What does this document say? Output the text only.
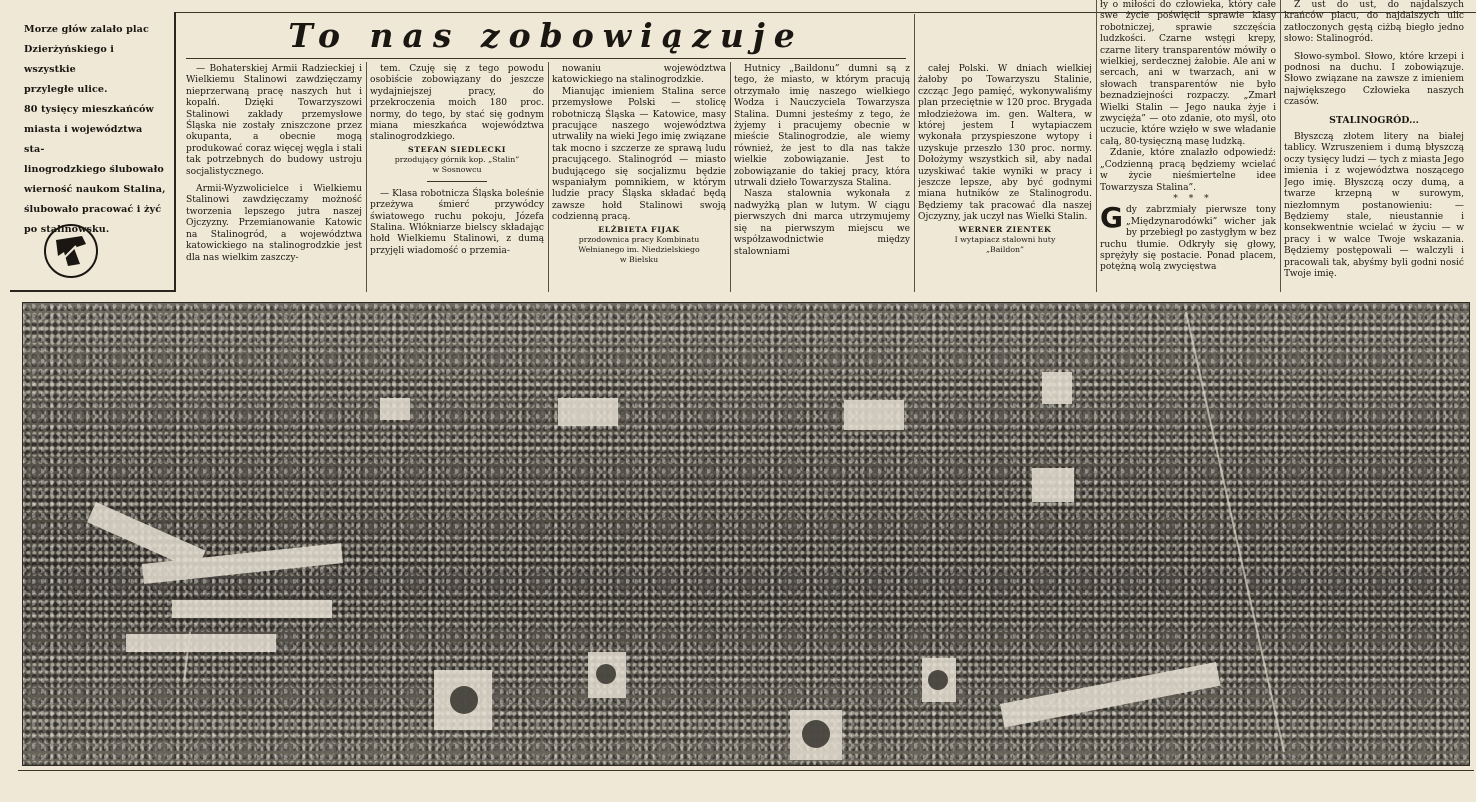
Morze głów zalało plac

Dzierżyńskiego i wszystkie

przyległe ulice.

80 tysięcy mieszkańców

miasta i województwa sta-

linogrodzkiego ślubowało

wierność naukom Stalina,

ślubowało pracować i żyć

po stalinowsku.

To nas zobowiązuje

— Bohaterskiej Armii Radzieckiej i Wielkiemu Stalinowi zawdzięczamy nieprzerwaną pracę naszych hut i kopalń. Dzięki Towarzyszowi Stalinowi zakłady przemysłowe Śląska nie zostały zniszczone przez okupanta, a obecnie mogą produkować coraz więcej węgla i stali tak potrzebnych do budowy ustroju socjalistycznego.

Armii-Wyzwolicielce i Wielkiemu Stalinowi zawdzięczamy możność tworzenia lepszego jutra naszej Ojczyzny. Przemianowanie Katowic na Stalinogród, a województwa katowickiego na stalinogrodzkie jest dla nas wielkim zaszczy-

tem. Czuję się z tego powodu osobiście zobowiązany do jeszcze wydajniejszej pracy, do przekroczenia moich 180 proc. normy, do tego, by stać się godnym miana mieszkańca województwa stalinogrodzkiego.

STEFAN SIEDLECKI

przodujący górnik kop. „Stalin”

w Sosnowcu

— Klasa robotnicza Śląska boleśnie przeżywa śmierć przywódcy światowego ruchu pokoju, Józefa Stalina. Włókniarze bielscy składając hołd Wielkiemu Stalinowi, z dumą przyjęli wiadomość o przemia-

nowaniu województwa katowickiego na stalinogrodzkie.

Mianując imieniem Stalina serce przemysłowe Polski — stolicę robotniczą Śląska — Katowice, masy pracujące naszego województwa utrwaliły na wieki Jego imię związane tak mocno i szczerze ze sprawą ludu pracującego. Stalinogród — miasto budującego się socjalizmu będzie wspaniałym pomnikiem, w którym ludzie pracy Śląska składać będą zawsze hołd Stalinowi swoją codzienną pracą.

ELŻBIETA FIJAK

przodownica pracy Kombinatu

Wełnianego im. Niedzielskiego

w Bielsku

Hutnicy „Baildonu” dumni są z tego, że miasto, w którym pracują otrzymało imię naszego wielkiego Wodza i Nauczyciela Towarzysza Stalina. Dumni jesteśmy z tego, że żyjemy i pracujemy obecnie w mieście Stalinogrodzie, ale wiemy również, że jest to dla nas także wielkie zobowiązanie. Jest to zobowiązanie do takiej pracy, która utrwali dzieło Towarzysza Stalina.

Nasza stalownia wykonała z nadwyżką plan w lutym. W ciągu pierwszych dni marca utrzymujemy się na pierwszym miejscu we współzawodnictwie między stalowniami

całej Polski. W dniach wielkiej żałoby po Towarzyszu Stalinie, czcząc Jego pamięć, wykonywaliśmy plan przeciętnie w 120 proc. Brygada młodzieżowa im. gen. Waltera, w której jestem I wytapiaczem wykonała przyspieszone wytopy i uzyskuje przeszło 130 proc. normy. Dołożymy wszystkich sił, aby nadal uzyskiwać takie wyniki w pracy i jeszcze lepsze, aby być godnymi miana hutników ze Stalinogrodu. Będziemy tak pracować dla naszej Ojczyzny, jak uczył nas Wielki Stalin.

WERNER ZIENTEK

I wytapiacz stalowni huty

„Baildon”

ły o miłości do człowieka, który całe swe życie poświęcił sprawie klasy robotniczej, sprawie szczęścia ludzkości. Czarne wstęgi krepy, czarne litery transparentów mówiły o wielkiej, serdecznej żałobie. Ale ani w sercach, ani w twarzach, ani w słowach transparentów nie było beznadziejności rozpaczy. „Zmarł Wielki Stalin — Jego nauka żyje i zwycięża” — oto zdanie, oto myśl, oto uczucie, które wzięło w swe władanie całą, 80-tysięczną masę ludzką.

Zdanie, które znalazło odpowiedź: „Codzienną pracą będziemy wcielać w życie nieśmiertelne idee Towarzysza Stalina”.

* * *

Gdy zabrzmiały pierwsze tony „Międzynarodówki” wicher jak by przebiegł po zastygłym w bez ruchu tłumie. Odkryły się głowy, sprężyły się postacie. Ponad placem, potężną wolą zwycięstwa

Z ust do ust, do najdalszych krańców placu, do najdalszych ulic zatłoczonych gęstą ciżbą biegło jedno słowo: Stalinogród.

Słowo-symbol. Słowo, które krzepi i podnosi na duchu. I zobowiązuje. Słowo związane na zawsze z imieniem największego Człowieka naszych czasów.

STALINOGRÓD...

Błyszczą złotem litery na białej tablicy. Wzruszeniem i dumą błyszczą oczy tysięcy ludzi — tych z miasta Jego imienia i z województwa noszącego Jego imię. Błyszczą oczy dumą, a twarze krzepną w surowym, niezłomnym postanowieniu: — Będziemy stale, nieustannie i konsekwentnie wcielać w życiu — w pracy i w walce Twoje wskazania. Będziemy postępowali — walczyli i pracowali tak, abyśmy byli godni nosić Twoje imię.
